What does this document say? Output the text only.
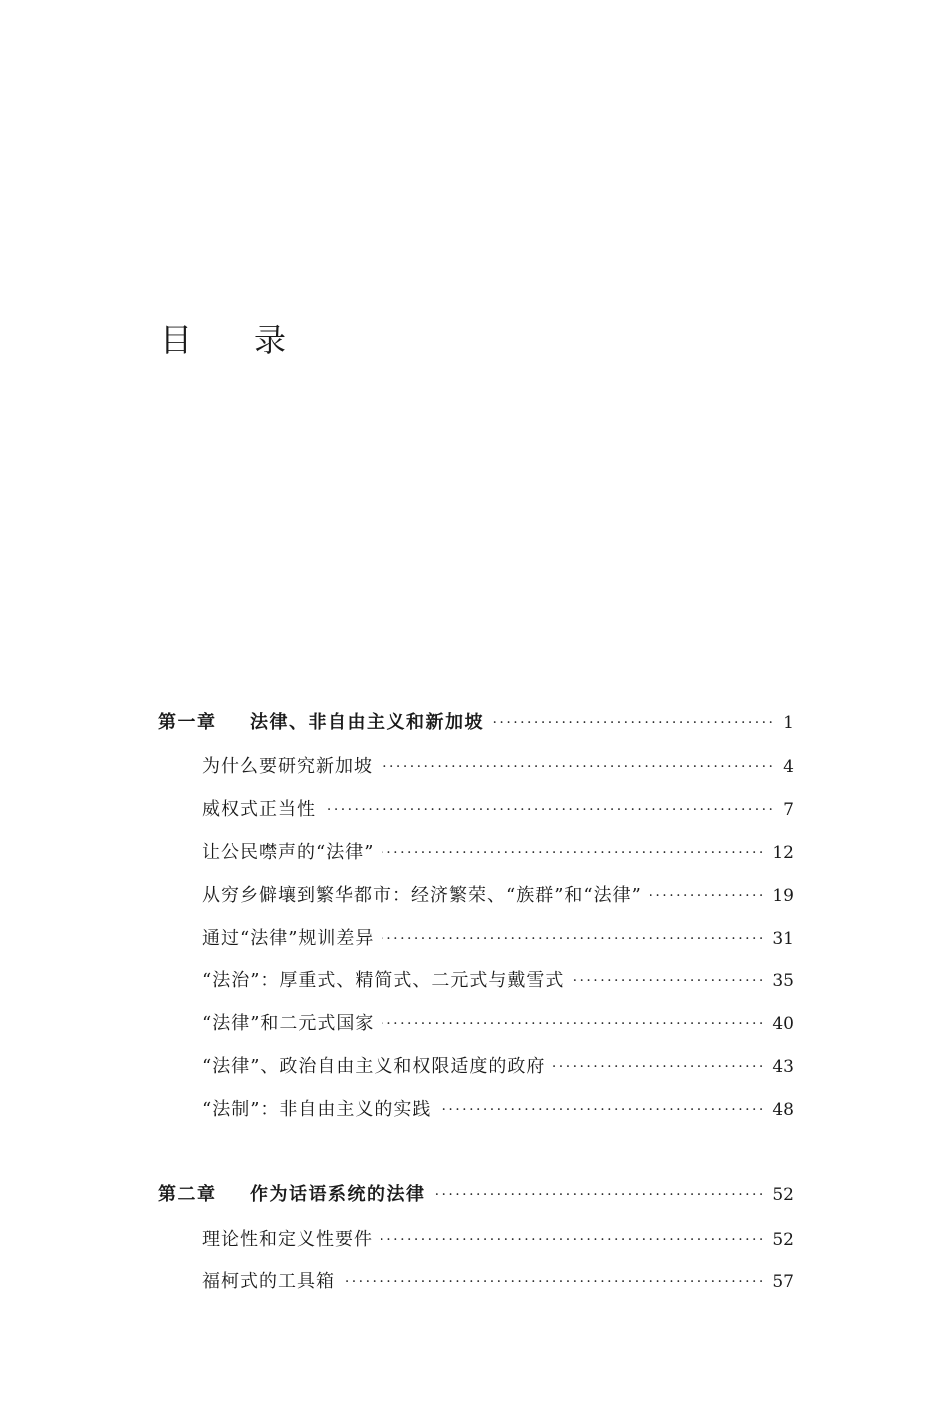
目 录
第一章	法律、非自由主义和新加坡 · · ·	1
为什么要研究新加坡 · · ·	4
威权式正当性 · · ·	7
让公民噤声的“法律” · · ·	12
从穷乡僻壤到繁华都市：经济繁荣、“族群”和“法律” · · ·	19
通过“法律”规训差异 · · ·	31
“法治”：厚重式、精简式、二元式与戴雪式 · · ·	35
“法律”和二元式国家 · · ·	40
“法律”、政治自由主义和权限适度的政府 · · ·	43
“法制”：非自由主义的实践 · · ·	48
第二章	作为话语系统的法律 · · ·	52
理论性和定义性要件 · · ·	52
福柯式的工具箱 · · ·	57
